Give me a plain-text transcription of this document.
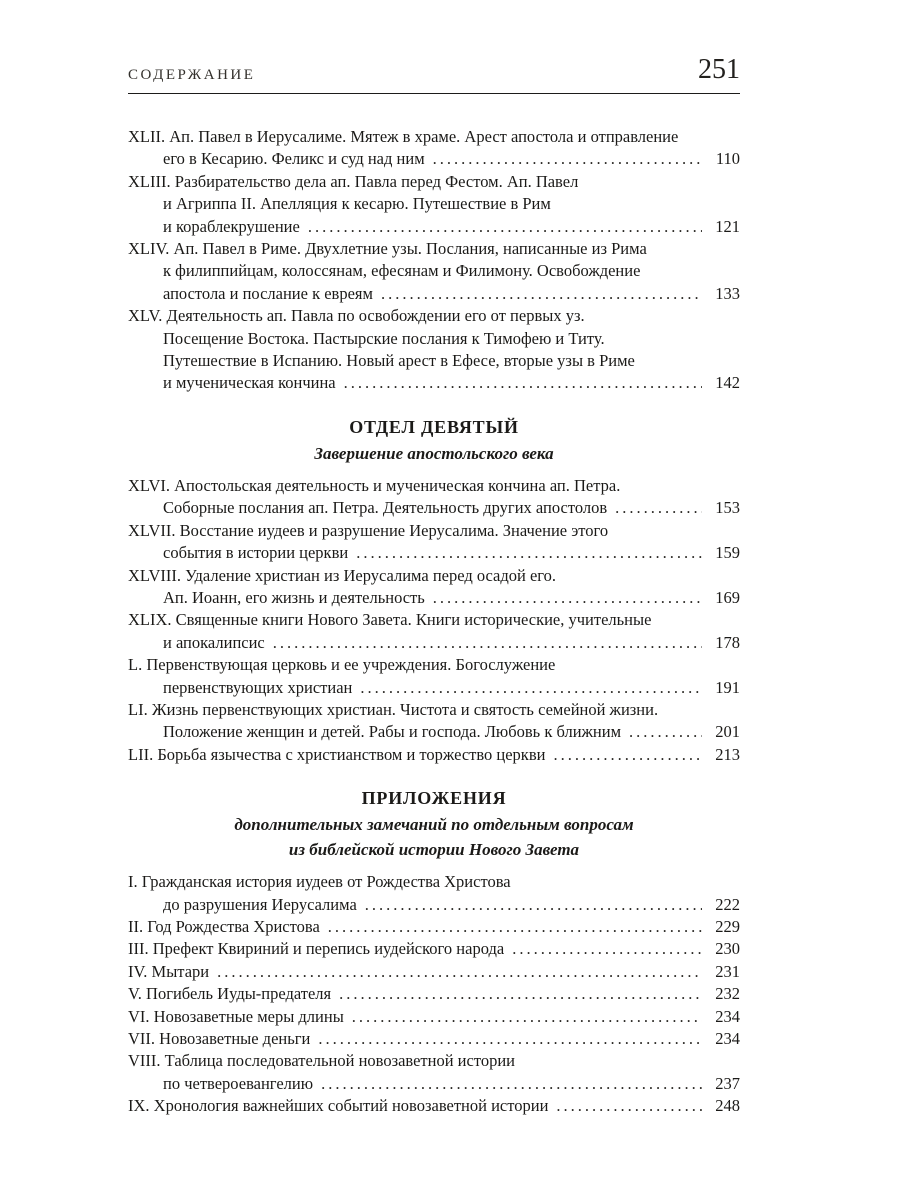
СОДЕРЖАНИЕ	251
XLII. Ап. Павел в Иерусалиме. Мятеж в храме. Арест апостола и отправление
его в Кесарию. Феликс и суд над ним .....	110
XLIII. Разбирательство дела ап. Павла перед Фестом. Ап. Павел
и Агриппа II. Апелляция к кесарю. Путешествие в Рим
и кораблекрушение .....	121
XLIV. Ап. Павел в Риме. Двухлетние узы. Послания, написанные из Рима
к филиппийцам, колоссянам, ефесянам и Филимону. Освобождение
апостола и послание к евреям .....	133
XLV. Деятельность ап. Павла по освобождении его от первых уз.
Посещение Востока. Пастырские послания к Тимофею и Титу.
Путешествие в Испанию. Новый арест в Ефесе, вторые узы в Риме
и мученическая кончина .....	142
ОТДЕЛ ДЕВЯТЫЙ
Завершение апостольского века
XLVI. Апостольская деятельность и мученическая кончина ап. Петра.
Соборные послания ап. Петра. Деятельность других апостолов .....	153
XLVII. Восстание иудеев и разрушение Иерусалима. Значение этого
события в истории церкви .....	159
XLVIII. Удаление христиан из Иерусалима перед осадой его.
Ап. Иоанн, его жизнь и деятельность .....	169
XLIX. Священные книги Нового Завета. Книги исторические, учительные
и апокалипсис .....	178
L. Первенствующая церковь и ее учреждения. Богослужение
первенствующих христиан .....	191
LI. Жизнь первенствующих христиан. Чистота и святость семейной жизни.
Положение женщин и детей. Рабы и господа. Любовь к ближним .....	201
LII. Борьба язычества с христианством и торжество церкви .....	213
ПРИЛОЖЕНИЯ
дополнительных замечаний по отдельным вопросам
из библейской истории Нового Завета
I. Гражданская история иудеев от Рождества Христова
до разрушения Иерусалима .....	222
II. Год Рождества Христова .....	229
III. Префект Квириний и перепись иудейского народа .....	230
IV. Мытари .....	231
V. Погибель Иуды-предателя .....	232
VI. Новозаветные меры длины .....	234
VII. Новозаветные деньги .....	234
VIII. Таблица последовательной новозаветной истории
по четвероевангелию .....	237
IX. Хронология важнейших событий новозаветной истории .....	248
